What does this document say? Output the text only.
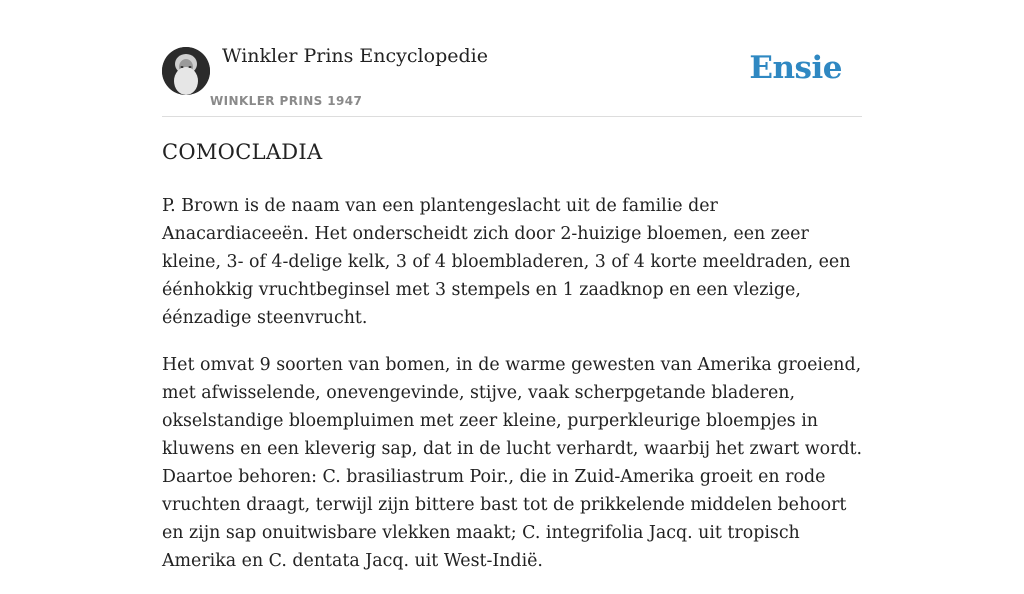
Winkler Prins Encyclopedie
WINKLER PRINS 1947
Ensie
COMOCLADIA

P. Brown is de naam van een plantengeslacht uit de familie der Anacardiaceeën. Het onderscheidt zich door 2-huizige bloemen, een zeer kleine, 3- of 4-delige kelk, 3 of 4 bloembladeren, 3 of 4 korte meeldraden, een éénhokkig vruchtbeginsel met 3 stempels en 1 zaadknop en een vlezige, éénzadige steenvrucht.

Het omvat 9 soorten van bomen, in de warme gewesten van Amerika groeiend, met afwisselende, onevengevinde, stijve, vaak scherpgetande bladeren, okselstandige bloempluimen met zeer kleine, purperkleurige bloempjes in kluwens en een kleverig sap, dat in de lucht verhardt, waarbij het zwart wordt. Daartoe behoren: C. brasiliastrum Poir., die in Zuid-Amerika groeit en rode vruchten draagt, terwijl zijn bittere bast tot de prikkelende middelen behoort en zijn sap onuitwisbare vlekken maakt; C. integrifolia Jacq. uit tropisch Amerika en C. dentata Jacq. uit West-Indië.
